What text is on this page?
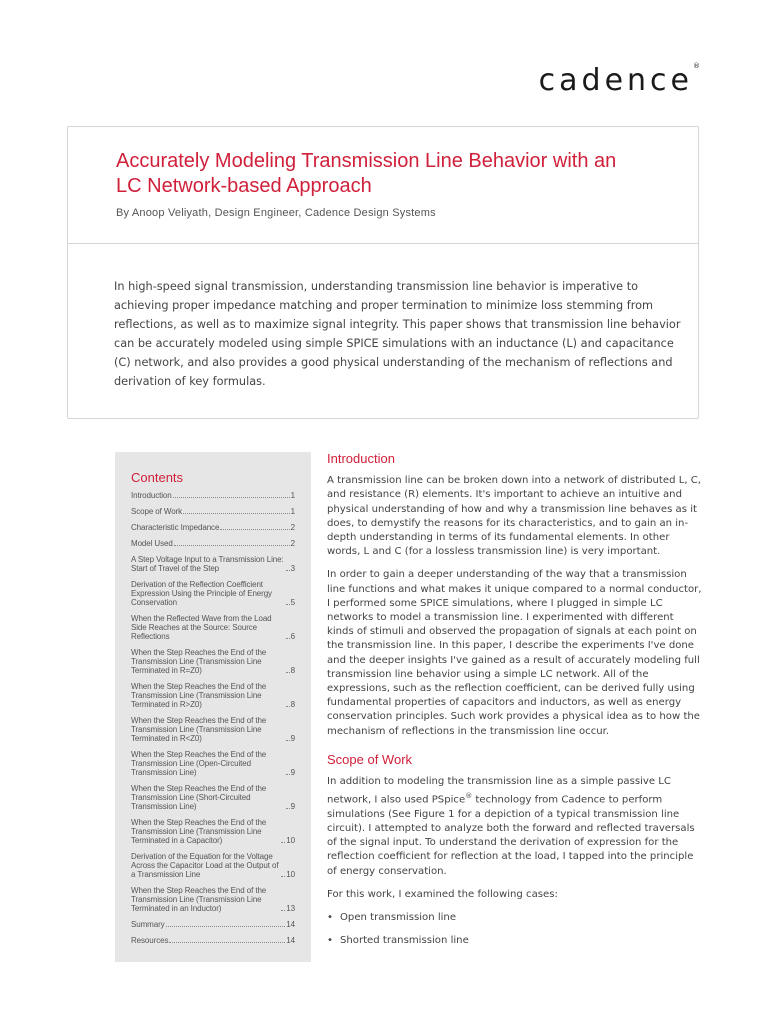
cadence®
Accurately Modeling Transmission Line Behavior with an LC Network-based Approach
By Anoop Veliyath, Design Engineer, Cadence Design Systems
In high-speed signal transmission, understanding transmission line behavior is imperative to achieving proper impedance matching and proper termination to minimize loss stemming from reflections, as well as to maximize signal integrity. This paper shows that transmission line behavior can be accurately modeled using simple SPICE simulations with an inductance (L) and capacitance (C) network, and also provides a good physical understanding of the mechanism of reflections and derivation of key formulas.
Contents
Introduction	1
Scope of Work	1
Characteristic Impedance	2
Model Used	2
A Step Voltage Input to a Transmission Line: Start of Travel of the Step	3
Derivation of the Reflection Coefficient Expression Using the Principle of Energy Conservation	5
When the Reflected Wave from the Load Side Reaches at the Source: Source Reflections	6
When the Step Reaches the End of the Transmission Line (Transmission Line Terminated in R=Z0)	8
When the Step Reaches the End of the Transmission Line (Transmission Line Terminated in R>Z0)	8
When the Step Reaches the End of the Transmission Line (Transmission Line Terminated in R<Z0)	9
When the Step Reaches the End of the Transmission Line (Open-Circuited Transmission Line)	9
When the Step Reaches the End of the Transmission Line (Short-Circuited Transmission Line)	9
When the Step Reaches the End of the Transmission Line (Transmission Line Terminated in a Capacitor)	10
Derivation of the Equation for the Voltage Across the Capacitor Load at the Output of a Transmission Line	10
When the Step Reaches the End of the Transmission Line (Transmission Line Terminated in an Inductor)	13
Summary	14
Resources	14
Introduction

A transmission line can be broken down into a network of distributed L, C, and resistance (R) elements. It's important to achieve an intuitive and physical understanding of how and why a transmission line behaves as it does, to demystify the reasons for its characteristics, and to gain an in-depth understanding in terms of its fundamental elements. In other words, L and C (for a lossless transmission line) is very important.

In order to gain a deeper understanding of the way that a transmission line functions and what makes it unique compared to a normal conductor, I performed some SPICE simulations, where I plugged in simple LC networks to model a transmission line. I experimented with different kinds of stimuli and observed the propagation of signals at each point on the transmission line. In this paper, I describe the experiments I've done and the deeper insights I've gained as a result of accurately modeling full transmission line behavior using a simple LC network. All of the expressions, such as the reflection coefficient, can be derived fully using fundamental properties of capacitors and inductors, as well as energy conservation principles. Such work provides a physical idea as to how the mechanism of reflections in the transmission line occur.

Scope of Work

In addition to modeling the transmission line as a simple passive LC network, I also used PSpice® technology from Cadence to perform simulations (See Figure 1 for a depiction of a typical transmission line circuit). I attempted to analyze both the forward and reflected traversals of the signal input. To understand the derivation of expression for the reflection coefficient for reflection at the load, I tapped into the principle of energy conservation.

For this work, I examined the following cases:

• Open transmission line
• Shorted transmission line
